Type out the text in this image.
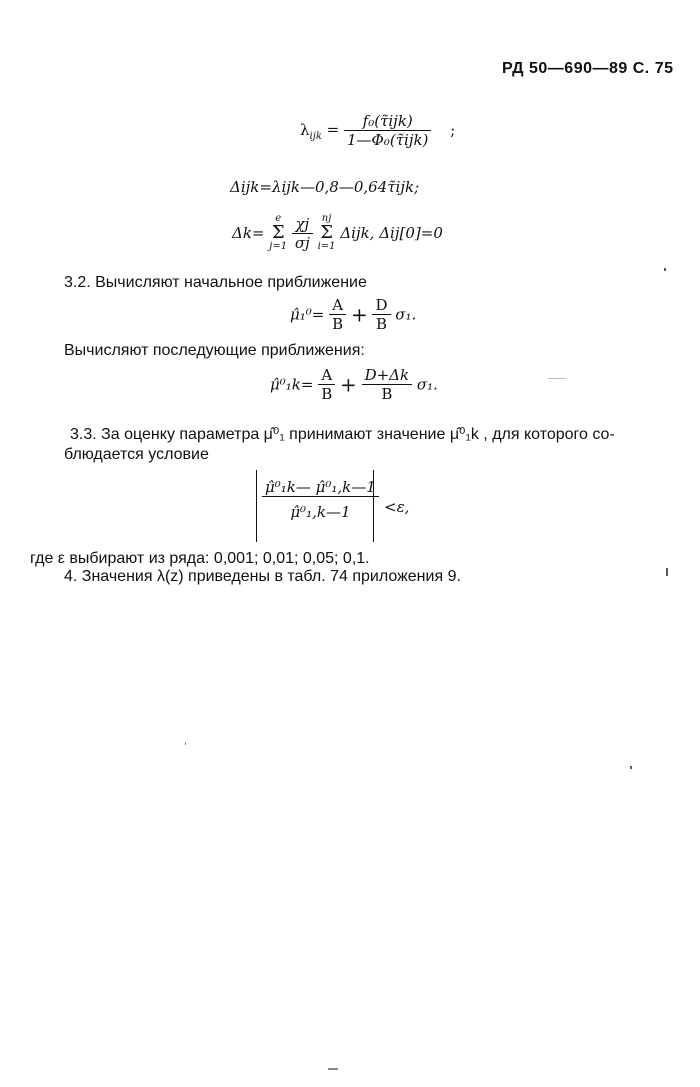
РД 50—690—89 С. 75
$\lambda_{ijk} = \frac{\text{f₀(τ̃ijk)}}{\text{1—Φ₀(τ̃ijk)}}$ ;
Δijk=λijk—0,8—0,64τ̃ijk;
Δk=
e
Σ
j=1
$\frac{\chi j}{\sigma j}$
nj
Σ
i=1
Δijk, Δij[0]=0
3.2. Вычисляют начальное приближение
μ̂₁⁰= $\frac{A}{B} + \frac{D}{B} \sigma_1$.
Вычисляют последующие приближения:
μ̂⁰₁k= $\frac{A}{B} + \frac{D+\Delta k}{B} \sigma_1$.
3.3. За оценку параметра μ̂⁰₁ принимают значение μ̂⁰₁k , для которого со-
блюдается условие
$\frac{\text{μ̂⁰₁k— μ̂⁰₁,k—1}}{\text{μ̂⁰₁,k—1}} <\varepsilon$,
где ε выбирают из ряда: 0,001; 0,01; 0,05; 0,1.
4. Значения λ(z) приведены в табл. 74 приложения 9.
